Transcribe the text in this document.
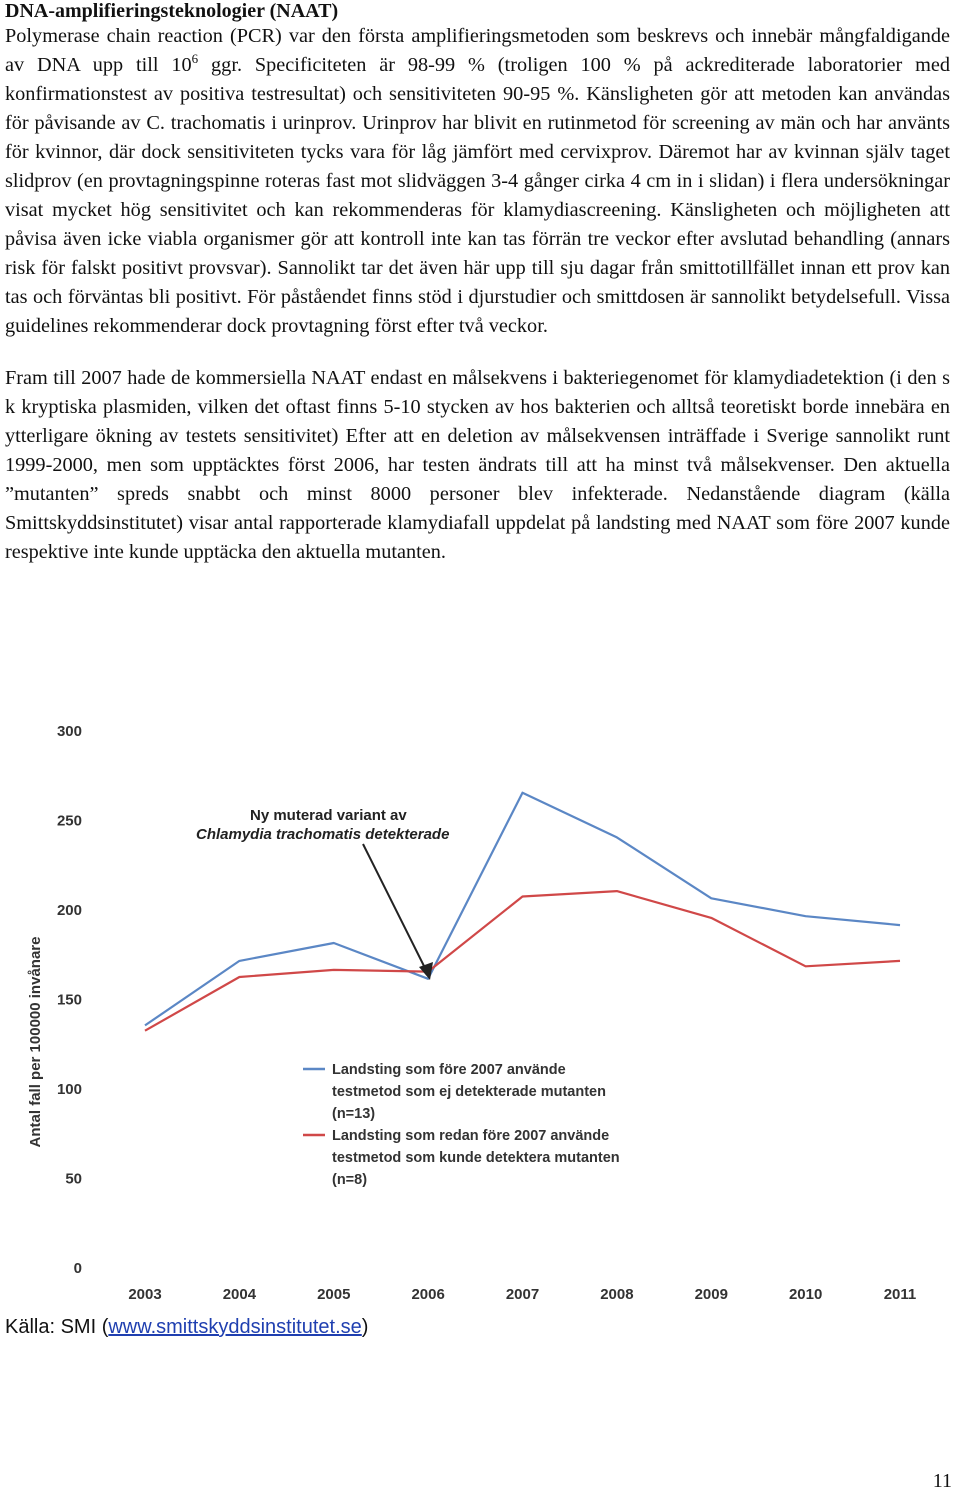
DNA-amplifieringsteknologier (NAAT)

Polymerase chain reaction (PCR) var den första amplifieringsmetoden som beskrevs och innebär mångfaldigande av DNA upp till $10^6$ ggr. Specificiteten är 98-99 % (troligen 100 % på ackrediterade laboratorier med konfirmationstest av positiva testresultat) och sensitiviteten 90-95 %. Känsligheten gör att metoden kan användas för påvisande av C. trachomatis i urinprov. Urinprov har blivit en rutinmetod för screening av män och har använts för kvinnor, där dock sensitiviteten tycks vara för låg jämfört med cervixprov. Däremot har av kvinnan själv taget slidprov (en provtagningspinne roteras fast mot slidväggen 3-4 gånger cirka 4 cm in i slidan) i flera undersökningar visat mycket hög sensitivitet och kan rekommenderas för klamydiascreening. Känsligheten och möjligheten att påvisa även icke viabla organismer gör att kontroll inte kan tas förrän tre veckor efter avslutad behandling (annars risk för falskt positivt provsvar). Sannolikt tar det även här upp till sju dagar från smittotillfället innan ett prov kan tas och förväntas bli positivt. För påståendet finns stöd i djurstudier och smittdosen är sannolikt betydelsefull. Vissa guidelines rekommenderar dock provtagning först efter två veckor.

Fram till 2007 hade de kommersiella NAAT endast en målsekvens i bakteriegenomet för klamydiadetektion (i den s k kryptiska plasmiden, vilken det oftast finns 5-10 stycken av hos bakterien och alltså teoretiskt borde innebära en ytterligare ökning av testets sensitivitet) Efter att en deletion av målsekvensen inträffade i Sverige sannolikt runt 1999-2000, men som upptäcktes först 2006, har testen ändrats till att ha minst två målsekvenser. Den aktuella ”mutanten” spreds snabbt och minst 8000 personer blev infekterade. Nedanstående diagram (källa Smittskyddsinstitutet) visar antal rapporterade klamydiafall uppdelat på landsting med NAAT som före 2007 kunde respektive inte kunde upptäcka den aktuella mutanten.

0
50
100
150
200
250
300
2003	2004	2005	2006	2007	2008	2009	2010	2011
Antal fall per 100000 invånare
Ny muterad variant av
Chlamydia trachomatis detekterade
Landsting som före 2007 använde
testmetod som ej detekterade mutanten
(n=13)
Landsting som redan före 2007 använde
testmetod som kunde detektera mutanten
(n=8)
Källa: SMI (www.smittskyddsinstitutet.se)
11
